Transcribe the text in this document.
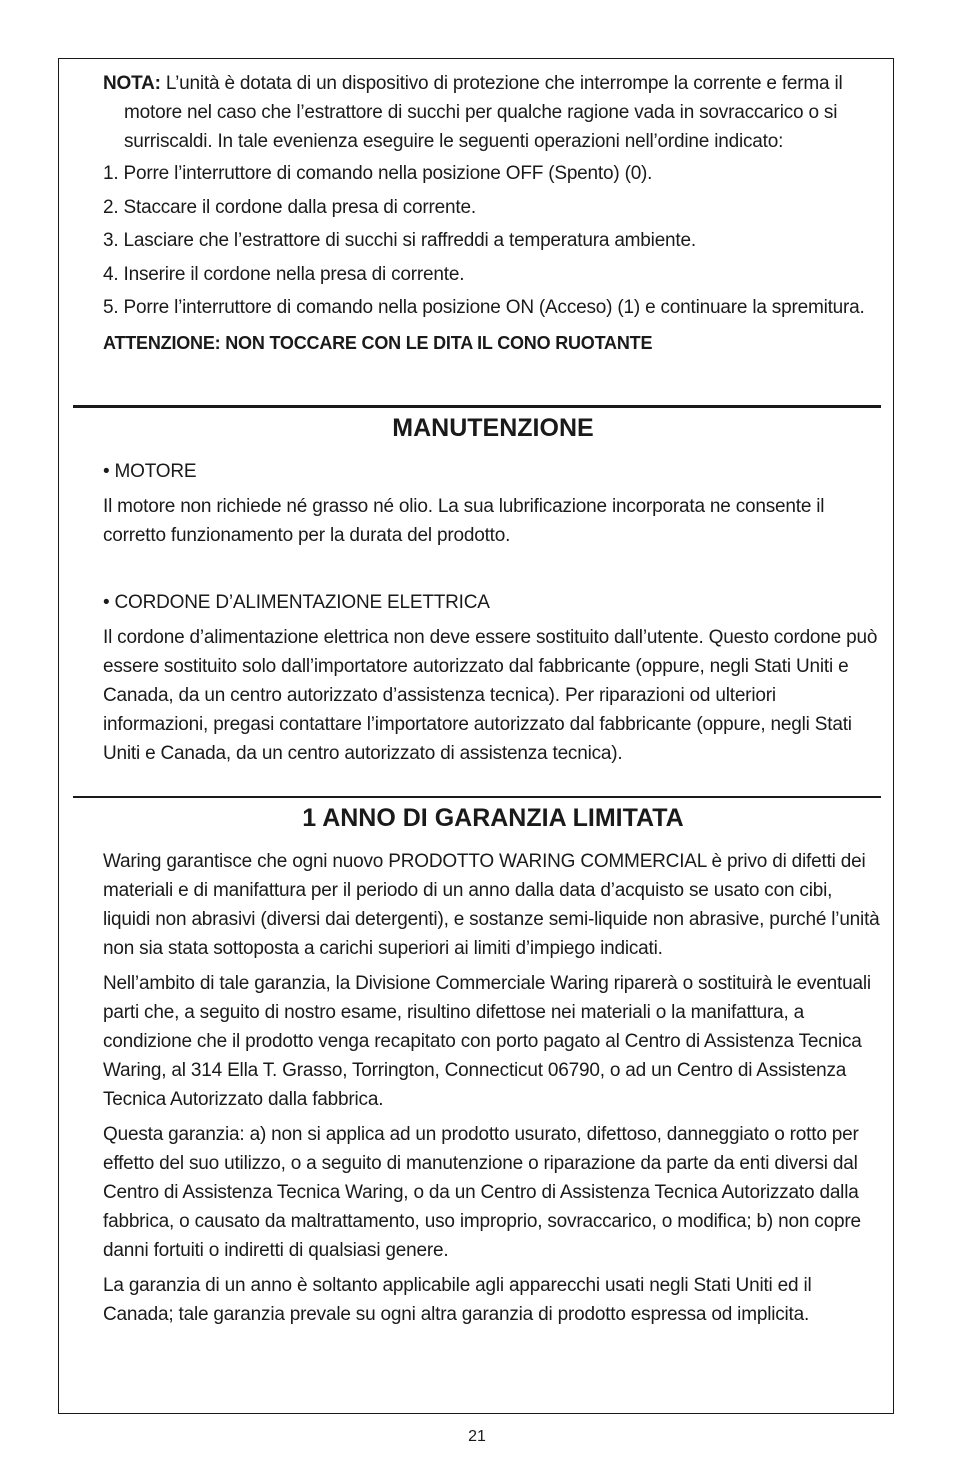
NOTA: L’unità è dotata di un dispositivo di protezione che interrompe la corrente e ferma il motore nel caso che l’estrattore di succhi per qualche ragione vada in sovraccarico o si surriscaldi. In tale evenienza eseguire le seguenti operazioni nell’ordine indicato:

1. Porre l’interruttore di comando nella posizione OFF (Spento) (0).

2. Staccare il cordone dalla presa di corrente.

3. Lasciare che l’estrattore di succhi si raffreddi a temperatura ambiente.

4. Inserire il cordone nella presa di corrente.

5. Porre l’interruttore di comando nella posizione ON (Acceso) (1) e continuare la spremitura.

ATTENZIONE: NON TOCCARE CON LE DITA IL CONO RUOTANTE

MANUTENZIONE

• MOTORE

Il motore non richiede né grasso né olio. La sua lubrificazione incorporata ne consente il corretto funzionamento per la durata del prodotto.

• CORDONE D’ALIMENTAZIONE ELETTRICA

Il cordone d’alimentazione elettrica non deve essere sostituito dall’utente. Questo cordone può essere sostituito solo dall’importatore autorizzato dal fabbricante (oppure, negli Stati Uniti e Canada, da un centro autorizzato d’assistenza tecnica). Per riparazioni od ulteriori informazioni, pregasi contattare l’importatore autorizzato dal fabbricante (oppure, negli Stati Uniti e Canada, da un centro autorizzato di assistenza tecnica).

1 ANNO DI GARANZIA LIMITATA

Waring garantisce che ogni nuovo PRODOTTO WARING COMMERCIAL è privo di difetti dei materiali e di manifattura per il periodo di un anno dalla data d’acquisto se usato con cibi, liquidi non abrasivi (diversi dai detergenti), e sostanze semi-liquide non abrasive, purché l’unità non sia stata sottoposta a carichi superiori ai limiti d’impiego indicati.

Nell’ambito di tale garanzia, la Divisione Commerciale Waring riparerà o sostituirà le eventuali parti che, a seguito di nostro esame, risultino difettose nei materiali o la manifattura, a condizione che il prodotto venga recapitato con porto pagato al Centro di Assistenza Tecnica Waring, al 314 Ella T. Grasso, Torrington, Connecticut 06790, o ad un Centro di Assistenza Tecnica Autorizzato dalla fabbrica.

Questa garanzia: a) non si applica ad un prodotto usurato, difettoso, danneggiato o rotto per effetto del suo utilizzo, o a seguito di manutenzione o riparazione da parte da enti diversi dal Centro di Assistenza Tecnica Waring, o da un Centro di Assistenza Tecnica Autorizzato dalla fabbrica, o causato da maltrattamento, uso improprio, sovraccarico, o modifica; b) non copre danni fortuiti o indiretti di qualsiasi genere.

La garanzia di un anno è soltanto applicabile agli apparecchi usati negli Stati Uniti ed il Canada; tale garanzia prevale su ogni altra garanzia di prodotto espressa od implicita.

21
